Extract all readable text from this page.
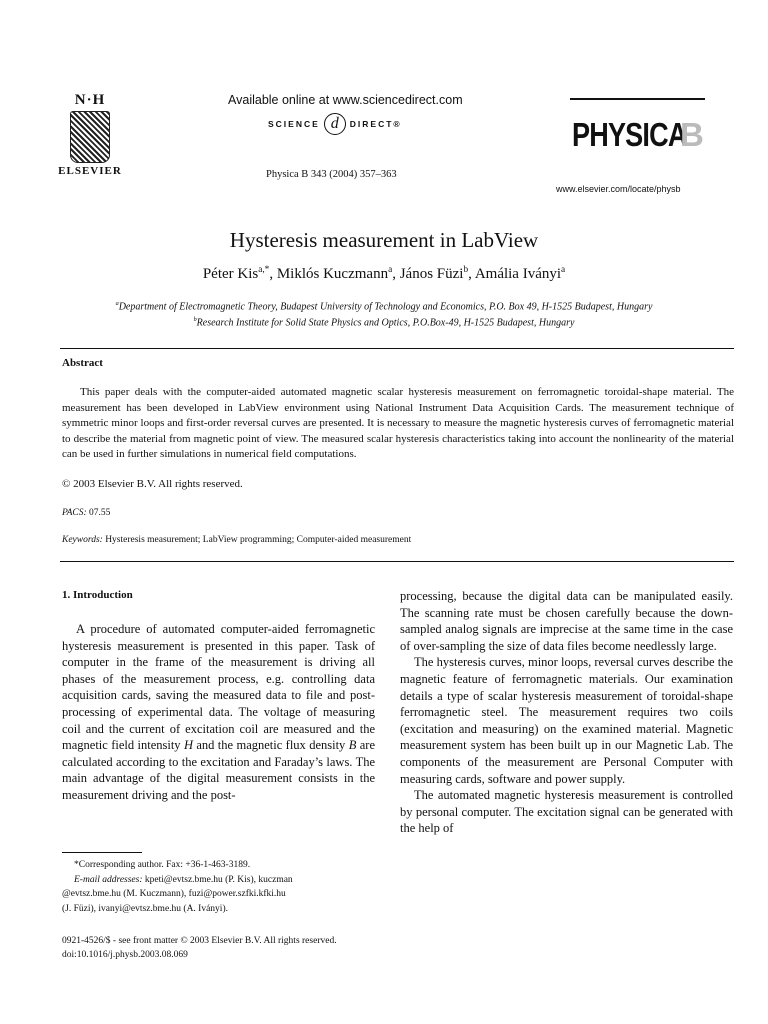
N·H
ELSEVIER
Available online at www.sciencedirect.com
SCIENCE d	DIRECT®
Physica B 343 (2004) 357–363
PHYSICA
B
www.elsevier.com/locate/physb
Hysteresis measurement in LabView
Péter Kis$^{a,*}$, Miklós Kuczmann$^a$, János Füzi$^b$, Amália Iványi$^a$
$^a$Department of Electromagnetic Theory, Budapest University of Technology and Economics, P.O. Box 49, H-1525 Budapest, Hungary
$^b$Research Institute for Solid State Physics and Optics, P.O.Box-49, H-1525 Budapest, Hungary
Abstract

This paper deals with the computer-aided automated magnetic scalar hysteresis measurement on ferromagnetic toroidal-shape material. The measurement has been developed in LabView environment using National Instrument Data Acquisition Cards. The measurement technique of symmetric minor loops and first-order reversal curves are presented. It is necessary to measure the magnetic hysteresis curves of ferromagnetic material to describe the material from magnetic point of view. The measured scalar hysteresis characteristics taking into account the nonlinearity of the material can be used in further simulations in numerical field computations.

© 2003 Elsevier B.V. All rights reserved.
PACS: 07.55
Keywords: Hysteresis measurement; LabView programming; Computer-aided measurement
1. Introduction

A procedure of automated computer-aided ferromagnetic hysteresis measurement is presented in this paper. Task of computer in the frame of the measurement is driving all phases of the measurement process, e.g. controlling data acquisition cards, saving the measured data to file and post-processing of experimental data. The voltage of measuring coil and the current of excitation coil are measured and the magnetic field intensity H and the magnetic flux density B are calculated according to the excitation and Faraday’s laws. The main advantage of the digital measurement consists in the measurement driving and the post-

processing, because the digital data can be manipulated easily. The scanning rate must be chosen carefully because the down-sampled analog signals are imprecise at the same time in the case of over-sampling the size of data files become needlessly large.

The hysteresis curves, minor loops, reversal curves describe the magnetic feature of ferromagnetic materials. Our examination details a type of scalar hysteresis measurement of toroidal-shape ferromagnetic steel. The measurement requires two coils (excitation and measuring) on the examined material. Magnetic measurement system has been built up in our Magnetic Lab. The components of the measurement are Personal Computer with measuring cards, software and power supply.

The automated magnetic hysteresis measurement is controlled by personal computer. The excitation signal can be generated with the help of

*Corresponding author. Fax: +36-1-463-3189.
E-mail addresses: kpeti@evtsz.bme.hu (P. Kis), kuczman
@evtsz.bme.hu (M. Kuczmann), fuzi@power.szfki.kfki.hu
(J. Füzi), ivanyi@evtsz.bme.hu (A. Iványi).
0921-4526/$ - see front matter © 2003 Elsevier B.V. All rights reserved.
doi:10.1016/j.physb.2003.08.069
